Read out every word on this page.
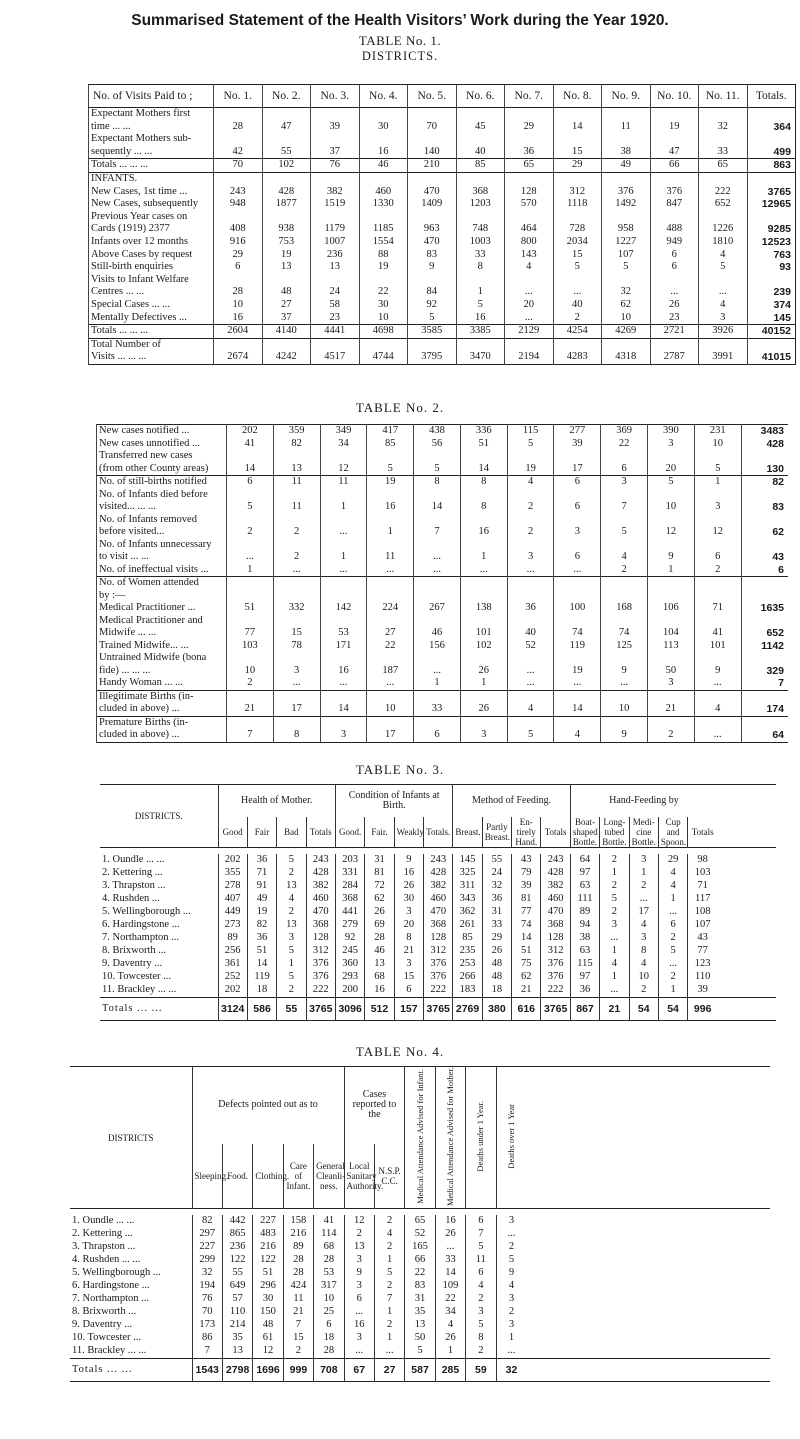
Summarised Statement of the Health Visitors’ Work during the Year 1920.
TABLE No. 1.
DISTRICTS.
No. of Visits Paid to ;	No. 1.	No. 2.	No. 3.	No. 4.	No. 5.	No. 6.	No. 7.	No. 8.	No. 9.	No. 10.	No. 11.	Totals.
Expectant Mothers first												
time ... ...	28	47	39	30	70	45	29	14	11	19	32	364
Expectant Mothers sub-												
sequently ... ...	42	55	37	16	140	40	36	15	38	47	33	499
Totals ... ... ...	70	102	76	46	210	85	65	29	49	66	65	863
INFANTS.												
New Cases, 1st time ...	243	428	382	460	470	368	128	312	376	376	222	3765
New Cases, subsequently	948	1877	1519	1330	1409	1203	570	1118	1492	847	652	12965
Previous Year cases on												
Cards (1919) 2377	408	938	1179	1185	963	748	464	728	958	488	1226	9285
Infants over 12 months	916	753	1007	1554	470	1003	800	2034	1227	949	1810	12523
Above Cases by request	29	19	236	88	83	33	143	15	107	6	4	763
Still-birth enquiries	6	13	13	19	9	8	4	5	5	6	5	93
Visits to Infant Welfare												
Centres ... ...	28	48	24	22	84	1	...	...	32	...	...	239
Special Cases ... ...	10	27	58	30	92	5	20	40	62	26	4	374
Mentally Defectives ...	16	37	23	10	5	16	...	2	10	23	3	145
Totals ... ... ...	2604	4140	4441	4698	3585	3385	2129	4254	4269	2721	3926	40152
Total Number of												
Visits ... ... ...	2674	4242	4517	4744	3795	3470	2194	4283	4318	2787	3991	41015
TABLE No. 2.
New cases notified ...	202	359	349	417	438	336	115	277	369	390	231	3483
New cases unnotified ...	41	82	34	85	56	51	5	39	22	3	10	428
Transferred new cases												
(from other County areas)	14	13	12	5	5	14	19	17	6	20	5	130
No. of still-births notified	6	11	11	19	8	8	4	6	3	5	1	82
No. of Infants died before												
visited... ... ...	5	11	1	16	14	8	2	6	7	10	3	83
No. of Infants removed												
before visited...	2	2	...	1	7	16	2	3	5	12	12	62
No. of Infants unnecessary												
to visit ... ...	...	2	1	11	...	1	3	6	4	9	6	43
No. of ineffectual visits ...	1	...	...	...	...	...	...	...	2	1	2	6
No. of Women attended												
by :—												
Medical Practitioner ...	51	332	142	224	267	138	36	100	168	106	71	1635
Medical Practitioner and												
Midwife ... ...	77	15	53	27	46	101	40	74	74	104	41	652
Trained Midwife... ...	103	78	171	22	156	102	52	119	125	113	101	1142
Untrained Midwife (bona												
fide) ... ... ...	10	3	16	187	...	26	...	19	9	50	9	329
Handy Woman ... ...	2	...	...	...	1	1	...	...	...	3	...	7
Illegitimate Births (in-												
cluded in above) ...	21	17	14	10	33	26	4	14	10	21	4	174
Premature Births (in-												
cluded in above) ...	7	8	3	17	6	3	5	4	9	2	...	64
TABLE No. 3.
DISTRICTS.	Health of Mother.				Condition of Infants at Birth.				Method of Feeding.				Hand-Feeding by				
	Good	Fair	Bad	Totals	Good.	Fair.	Weakly	Totals.	Breast.	Partly Breast.	En-tirely Hand.	Totals	Boat-shaped Bottle.	Long-tubed Bottle.	Medi-cine Bottle.	Cup and Spoon.	Totals

1. Oundle ... ...	202	36	5	243	203	31	9	243	145	55	43	243	64	2	3	29	98
2. Kettering ...	355	71	2	428	331	81	16	428	325	24	79	428	97	1	1	4	103
3. Thrapston ...	278	91	13	382	284	72	26	382	311	32	39	382	63	2	2	4	71
4. Rushden ...	407	49	4	460	368	62	30	460	343	36	81	460	111	5	...	1	117
5. Wellingborough ...	449	19	2	470	441	26	3	470	362	31	77	470	89	2	17	...	108
6. Hardingstone ...	273	82	13	368	279	69	20	368	261	33	74	368	94	3	4	6	107
7. Northampton ...	89	36	3	128	92	28	8	128	85	29	14	128	38	...	3	2	43
8. Brixworth ...	256	51	5	312	245	46	21	312	235	26	51	312	63	1	8	5	77
9. Daventry ...	361	14	1	376	360	13	3	376	253	48	75	376	115	4	4	...	123
10. Towcester ...	252	119	5	376	293	68	15	376	266	48	62	376	97	1	10	2	110
11. Brackley ... ...	202	18	2	222	200	16	6	222	183	18	21	222	36	...	2	1	39
Totals ... ...	3124	586	55	3765	3096	512	157	3765	2769	380	616	3765	867	21	54	54	996
TABLE No. 4.
DISTRICTS	Defects pointed out as to					Cases reported to the		Medical Attendance Advised for Infant.	Medical Attendance Advised for Mother.	Deaths under 1 Year.	Deaths over 1 Year
	Sleeping.	Food.	Clothing.	Care of Infant.	General Cleanli-ness.	Local Sanitary Authority.	N.S.P. C.C.				

1. Oundle ... ...	82	442	227	158	41	12	2	65	16	6	3
2. Kettering ...	297	865	483	216	114	2	4	52	26	7	...
3. Thrapston ...	227	236	216	89	68	13	2	165	...	5	2
4. Rushden ... ...	299	122	122	28	28	3	1	66	33	11	5
5. Wellingborough ...	32	55	51	28	53	9	5	22	14	6	9
6. Hardingstone ...	194	649	296	424	317	3	2	83	109	4	4
7. Northampton ...	76	57	30	11	10	6	7	31	22	2	3
8. Brixworth ...	70	110	150	21	25	...	1	35	34	3	2
9. Daventry ...	173	214	48	7	6	16	2	13	4	5	3
10. Towcester ...	86	35	61	15	18	3	1	50	26	8	1
11. Brackley ... ...	7	13	12	2	28	...	...	5	1	2	...
Totals ... ...	1543	2798	1696	999	708	67	27	587	285	59	32
